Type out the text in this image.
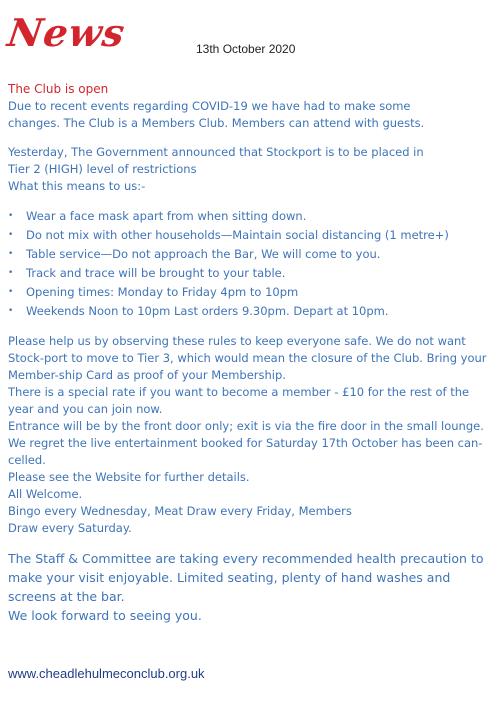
News	13th October 2020
The Club is open

Due to recent events regarding COVID-19 we have had to make some

changes. The Club is a Members Club. Members can attend with guests.

Yesterday, The Government announced that Stockport is to be placed in

Tier 2 (HIGH) level of restrictions

What this means to us:-

• Wear a face mask apart from when sitting down.
• Do not mix with other households—Maintain social distancing (1 metre+)
• Table service—Do not approach the Bar, We will come to you.
• Track and trace will be brought to your table.
• Opening times: Monday to Friday 4pm to 10pm
• Weekends Noon to 10pm Last orders 9.30pm. Depart at 10pm.

Please help us by observing these rules to keep everyone safe. We do not want Stock-port to move to Tier 3, which would mean the closure of the Club. Bring your Member-ship Card as proof of your Membership.

There is a special rate if you want to become a member - £10 for the rest of the year and you can join now.

Entrance will be by the front door only; exit is via the fire door in the small lounge.

We regret the live entertainment booked for Saturday 17th October has been can-celled.

Please see the Website for further details.

All Welcome.

Bingo every Wednesday, Meat Draw every Friday, Members Draw every Saturday.

The Staff & Committee are taking every recommended health precaution to make your visit enjoyable. Limited seating, plenty of hand washes and screens at the bar.

We look forward to seeing you.

www.cheadlehulmeconclub.org.uk
